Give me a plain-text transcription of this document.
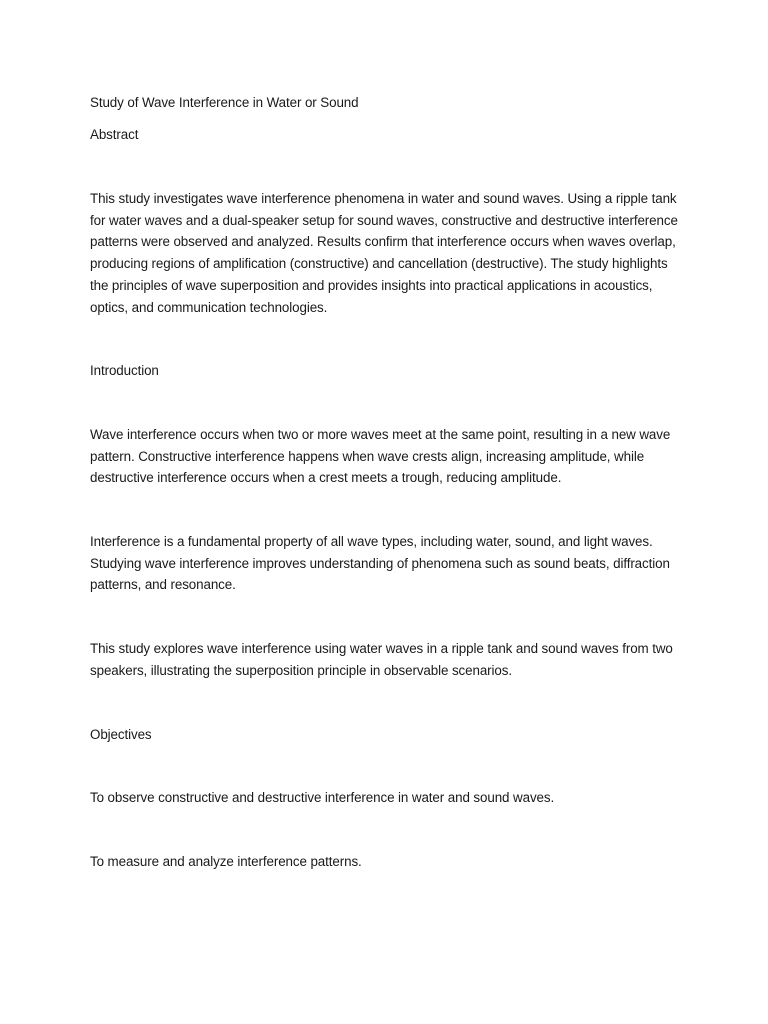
Study of Wave Interference in Water or Sound

Abstract

This study investigates wave interference phenomena in water and sound waves. Using a ripple tank for water waves and a dual-speaker setup for sound waves, constructive and destructive interference patterns were observed and analyzed. Results confirm that interference occurs when waves overlap, producing regions of amplification (constructive) and cancellation (destructive). The study highlights the principles of wave superposition and provides insights into practical applications in acoustics, optics, and communication technologies.

Introduction

Wave interference occurs when two or more waves meet at the same point, resulting in a new wave pattern. Constructive interference happens when wave crests align, increasing amplitude, while destructive interference occurs when a crest meets a trough, reducing amplitude.

Interference is a fundamental property of all wave types, including water, sound, and light waves. Studying wave interference improves understanding of phenomena such as sound beats, diffraction patterns, and resonance.

This study explores wave interference using water waves in a ripple tank and sound waves from two speakers, illustrating the superposition principle in observable scenarios.

Objectives

To observe constructive and destructive interference in water and sound waves.

To measure and analyze interference patterns.
